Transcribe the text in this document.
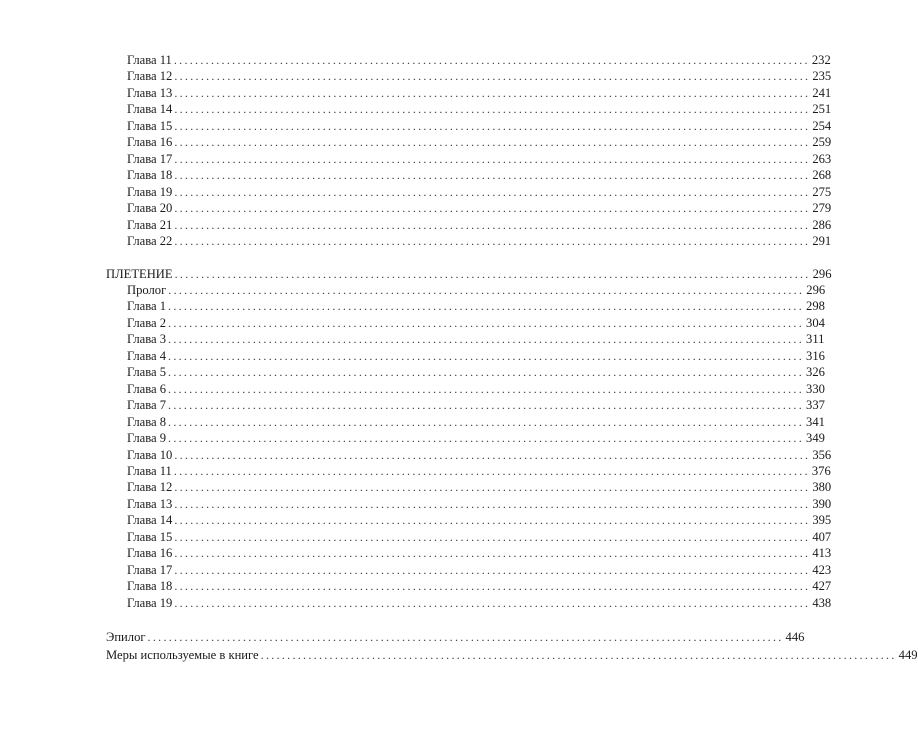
Глава 11 ........................................................................................................................ 232
Глава 12 ........................................................................................................................ 235
Глава 13 ........................................................................................................................ 241
Глава 14 ........................................................................................................................ 251
Глава 15 ........................................................................................................................ 254
Глава 16 ........................................................................................................................ 259
Глава 17 ........................................................................................................................ 263
Глава 18 ........................................................................................................................ 268
Глава 19 ........................................................................................................................ 275
Глава 20 ........................................................................................................................ 279
Глава 21 ........................................................................................................................ 286
Глава 22 ........................................................................................................................ 291
ПЛЕТЕНИЕ ........................................................................................................................ 296
Пролог ........................................................................................................................ 296
Глава 1 ........................................................................................................................ 298
Глава 2 ........................................................................................................................ 304
Глава 3 ........................................................................................................................ 311
Глава 4 ........................................................................................................................ 316
Глава 5 ........................................................................................................................ 326
Глава 6 ........................................................................................................................ 330
Глава 7 ........................................................................................................................ 337
Глава 8 ........................................................................................................................ 341
Глава 9 ........................................................................................................................ 349
Глава 10 ........................................................................................................................ 356
Глава 11 ........................................................................................................................ 376
Глава 12 ........................................................................................................................ 380
Глава 13 ........................................................................................................................ 390
Глава 14 ........................................................................................................................ 395
Глава 15 ........................................................................................................................ 407
Глава 16 ........................................................................................................................ 413
Глава 17 ........................................................................................................................ 423
Глава 18 ........................................................................................................................ 427
Глава 19 ........................................................................................................................ 438
Эпилог ........................................................................................................................ 446
Меры используемые в книге ........................................................................................................................ 449
